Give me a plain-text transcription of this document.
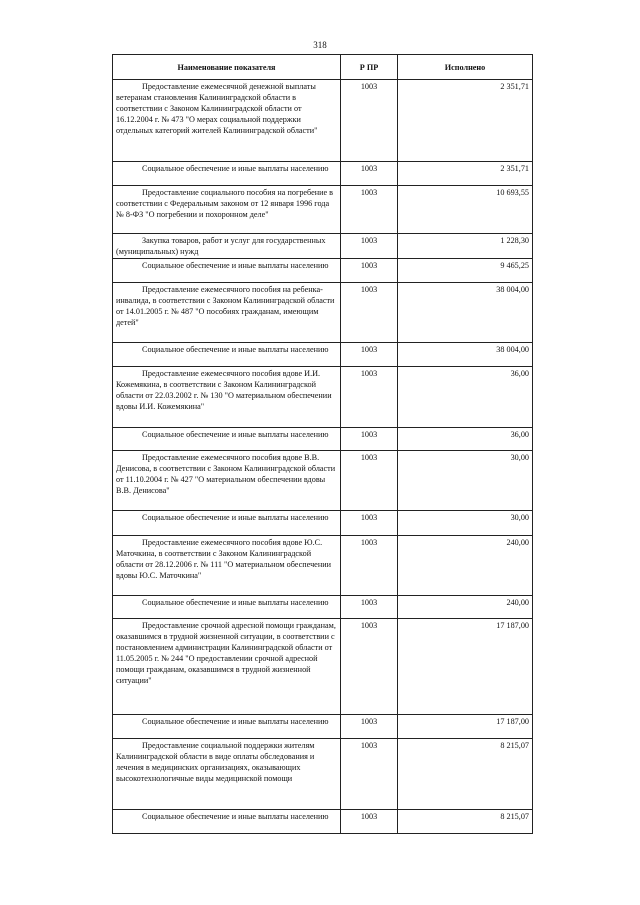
318
Наименование показателя	Р ПР	Исполнено
Предоставление ежемесячной денежной выплаты ветеранам становления Калининградской области в соответствии с Законом Калининградской области от 16.12.2004 г. № 473 "О мерах социальной поддержки отдельных категорий жителей Калининградской области"	1003	2 351,71
Социальное обеспечение и иные выплаты населению	1003	2 351,71
Предоставление социального пособия на погребение в соответствии с Федеральным законом от 12 января 1996 года № 8-ФЗ "О погребении и похоронном деле"	1003	10 693,55
Закупка товаров, работ и услуг для государственных (муниципальных) нужд	1003	1 228,30
Социальное обеспечение и иные выплаты населению	1003	9 465,25
Предоставление ежемесячного пособия на ребенка-инвалида, в соответствии с Законом Калининградской области от 14.01.2005 г. № 487 "О пособиях гражданам, имеющим детей"	1003	38 004,00
Социальное обеспечение и иные выплаты населению	1003	38 004,00
Предоставление ежемесячного пособия вдове И.И. Кожемякина, в соответствии с Законом Калининградской области от 22.03.2002 г. № 130 "О материальном обеспечении вдовы И.И. Кожемякина"	1003	36,00
Социальное обеспечение и иные выплаты населению	1003	36,00
Предоставление ежемесячного пособия вдове В.В. Денисова, в соответствии с Законом Калининградской области от 11.10.2004 г. № 427 "О материальном обеспечении вдовы В.В. Денисова"	1003	30,00
Социальное обеспечение и иные выплаты населению	1003	30,00
Предоставление ежемесячного пособия вдове Ю.С. Маточкина, в соответствии с Законом Калининградской области от 28.12.2006 г. № 111 "О материальном обеспечении вдовы Ю.С. Маточкина"	1003	240,00
Социальное обеспечение и иные выплаты населению	1003	240,00
Предоставление срочной адресной помощи гражданам, оказавшимся в трудной жизненной ситуации, в соответствии с постановлением администрации Калининградской области от 11.05.2005 г. № 244 "О предоставлении срочной адресной помощи гражданам, оказавшимся в трудной жизненной ситуации"	1003	17 187,00
Социальное обеспечение и иные выплаты населению	1003	17 187,00
Предоставление социальной поддержки жителям Калининградской области в виде оплаты обследования и лечения в медицинских организациях, оказывающих высокотехнологичные виды медицинской помощи	1003	8 215,07
Социальное обеспечение и иные выплаты населению	1003	8 215,07
